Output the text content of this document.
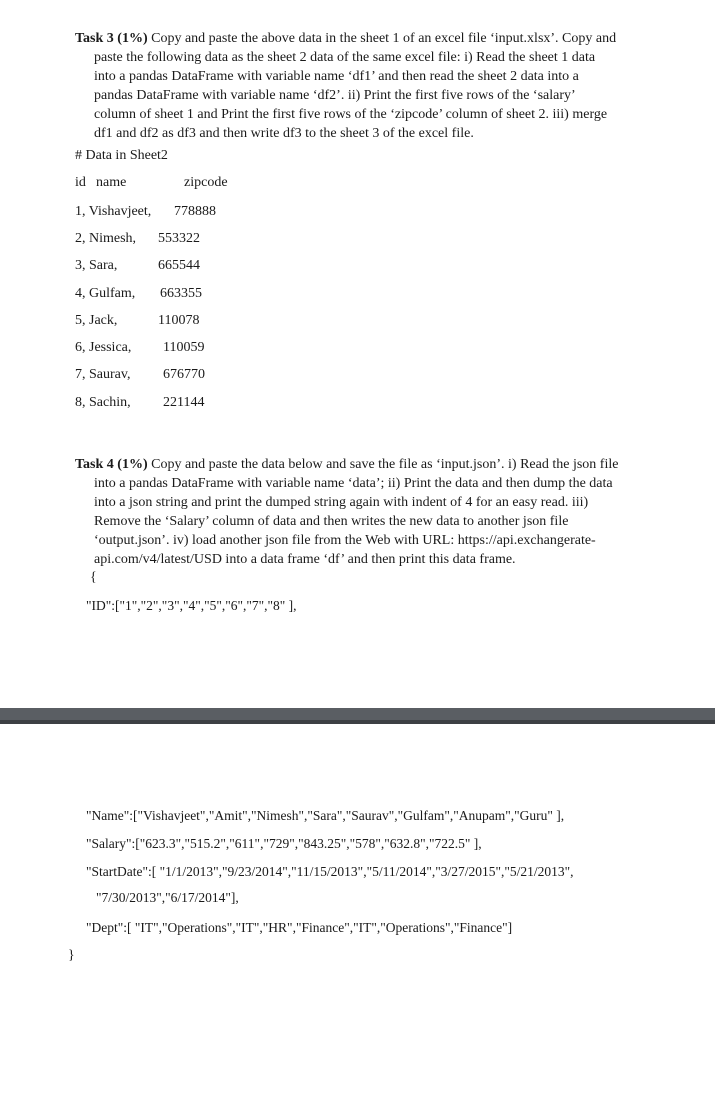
Task 3 (1%) Copy and paste the above data in the sheet 1 of an excel file ‘input.xlsx’. Copy and
paste the following data as the sheet 2 data of the same excel file: i) Read the sheet 1 data
into a pandas DataFrame with variable name ‘df1’ and then read the sheet 2 data into a
pandas DataFrame with variable name ‘df2’. ii) Print the first five rows of the ‘salary’
column of sheet 1 and Print the first five rows of the ‘zipcode’ column of sheet 2. iii) merge
df1 and df2 as df3 and then write df3 to the sheet 3 of the excel file.
# Data in Sheet2
id name	zipcode
1, Vishavjeet, 778888
2, Nimesh, 553322
3, Sara,	665544
4, Gulfam, 663355
5, Jack,	110078
6, Jessica, 110059
7, Saurav, 676770
8, Sachin, 221144
Task 4 (1%) Copy and paste the data below and save the file as ‘input.json’. i) Read the json file
into a pandas DataFrame with variable name ‘data’; ii) Print the data and then dump the data
into a json string and print the dumped string again with indent of 4 for an easy read. iii)
Remove the ‘Salary’ column of data and then writes the new data to another json file
‘output.json’. iv) load another json file from the Web with URL: https://api.exchangerate-
api.com/v4/latest/USD into a data frame ‘df’ and then print this data frame.
{
"ID":["1","2","3","4","5","6","7","8" ],
"Name":["Vishavjeet","Amit","Nimesh","Sara","Saurav","Gulfam","Anupam","Guru" ],
"Salary":["623.3","515.2","611","729","843.25","578","632.8","722.5" ],
"StartDate":[ "1/1/2013","9/23/2014","11/15/2013","5/11/2014","3/27/2015","5/21/2013",
"7/30/2013","6/17/2014"],
"Dept":[ "IT","Operations","IT","HR","Finance","IT","Operations","Finance"]
}
